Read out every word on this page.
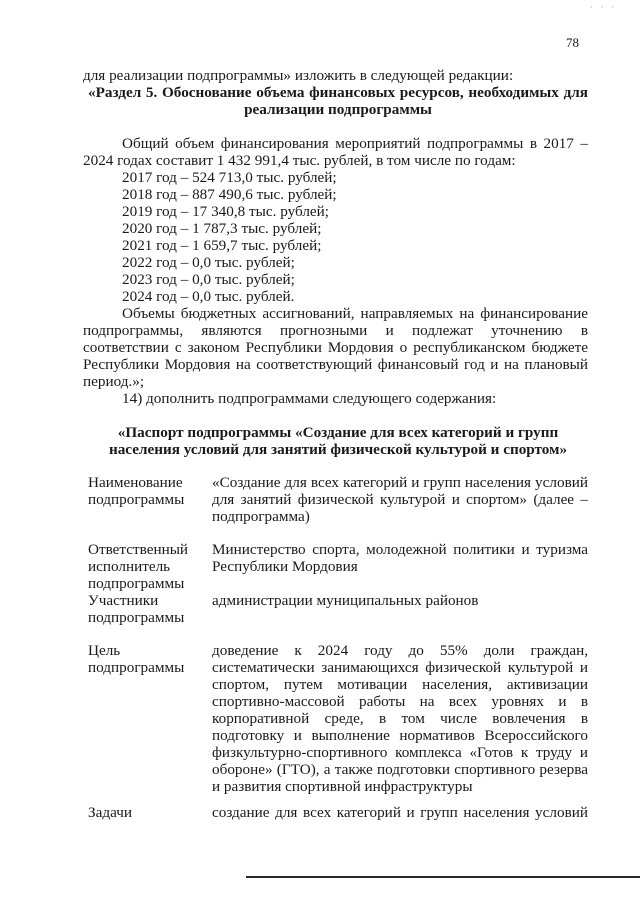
· · ·
78
для реализации подпрограммы» изложить в следующей редакции:
«Раздел 5. Обоснование объема финансовых ресурсов, необходимых для
реализации подпрограммы
Общий объем финансирования мероприятий подпрограммы в 2017 –
2024 годах составит 1 432 991,4 тыс. рублей, в том числе по годам:
2017 год – 524 713,0 тыс. рублей;
2018 год – 887 490,6 тыс. рублей;
2019 год – 17 340,8 тыс. рублей;
2020 год – 1 787,3 тыс. рублей;
2021 год – 1 659,7 тыс. рублей;
2022 год – 0,0 тыс. рублей;
2023 год – 0,0 тыс. рублей;
2024 год – 0,0 тыс. рублей.
Объемы бюджетных ассигнований, направляемых на финансирование
подпрограммы, являются прогнозными и подлежат уточнению в
соответствии с законом Республики Мордовия о республиканском бюджете
Республики Мордовия на соответствующий финансовый год и на плановый
период.»;
14) дополнить подпрограммами следующего содержания:
«Паспорт подпрограммы «Создание для всех категорий и групп
населения условий для занятий физической культурой и спортом»
Наименование
подпрограммы
«Создание для всех категорий и групп населения условий для занятий физической культурой и спортом» (далее – подпрограмма)
Ответственный
исполнитель
подпрограммы
Министерство спорта, молодежной политики и туризма Республики Мордовия
Участники
подпрограммы
администрации муниципальных районов
Цель
подпрограммы
доведение к 2024 году до 55% доли граждан, систематически занимающихся физической культурой и спортом, путем мотивации населения, активизации спортивно-массовой работы на всех уровнях и в корпоративной среде, в том числе вовлечения в подготовку и выполнение нормативов Всероссийского физкультурно-спортивного комплекса «Готов к труду и обороне» (ГТО), а также подготовки спортивного резерва и развития спортивной инфраструктуры
Задачи	создание для всех категорий и групп населения условий
